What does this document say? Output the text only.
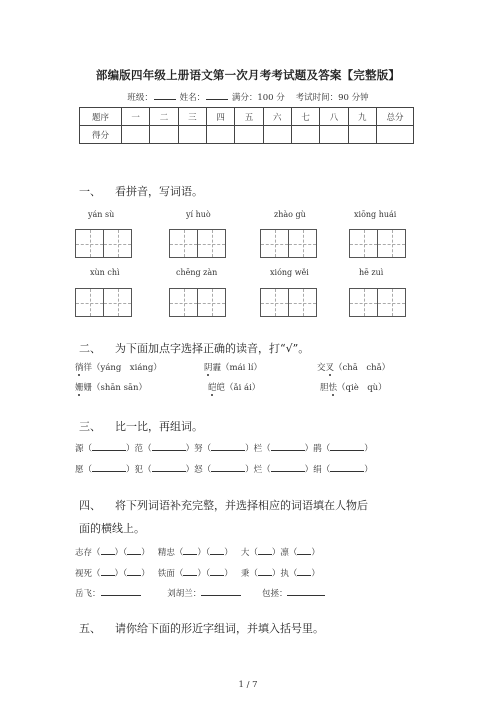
部编版四年级上册语文第一次月考考试题及答案【完整版】
班级：	姓名：	满分：100 分 考试时间：90 分钟
题序	一	二	三	四	五	六	七	八	九	总分
得分										
一、 看拼音，写词语。
yán sù	yí huò	zhào gù	xiōng huái
xùn chì	chēng zàn	xióng wěi	hē zuì
二、 为下面加点字选择正确的读音，打“√”。
徜徉（yáng　xiáng）	阴霾（mái lí）	交叉（chā　chǎ）
姗姗（shān sān）	皑皑（ǎi ái）	胆怯（qiè　qù）
三、 比一比，再组词。
源（	）范（	）努（	）栏（	）鹃（	）
愿（	）犯（	）怒（	）烂（	）绢（	）
四、 将下列词语补充完整，并选择相应的词语填在人物后
面的横线上。
志存（ ）（ ） 精忠（ ）（ ） 大（ ）凛（ ）
视死（ ）（ ） 铁面（ ）（ ） 秉（ ）执（ ）
岳飞：	刘胡兰：	包拯：
五、 请你给下面的形近字组词，并填入括号里。
1 / 7
